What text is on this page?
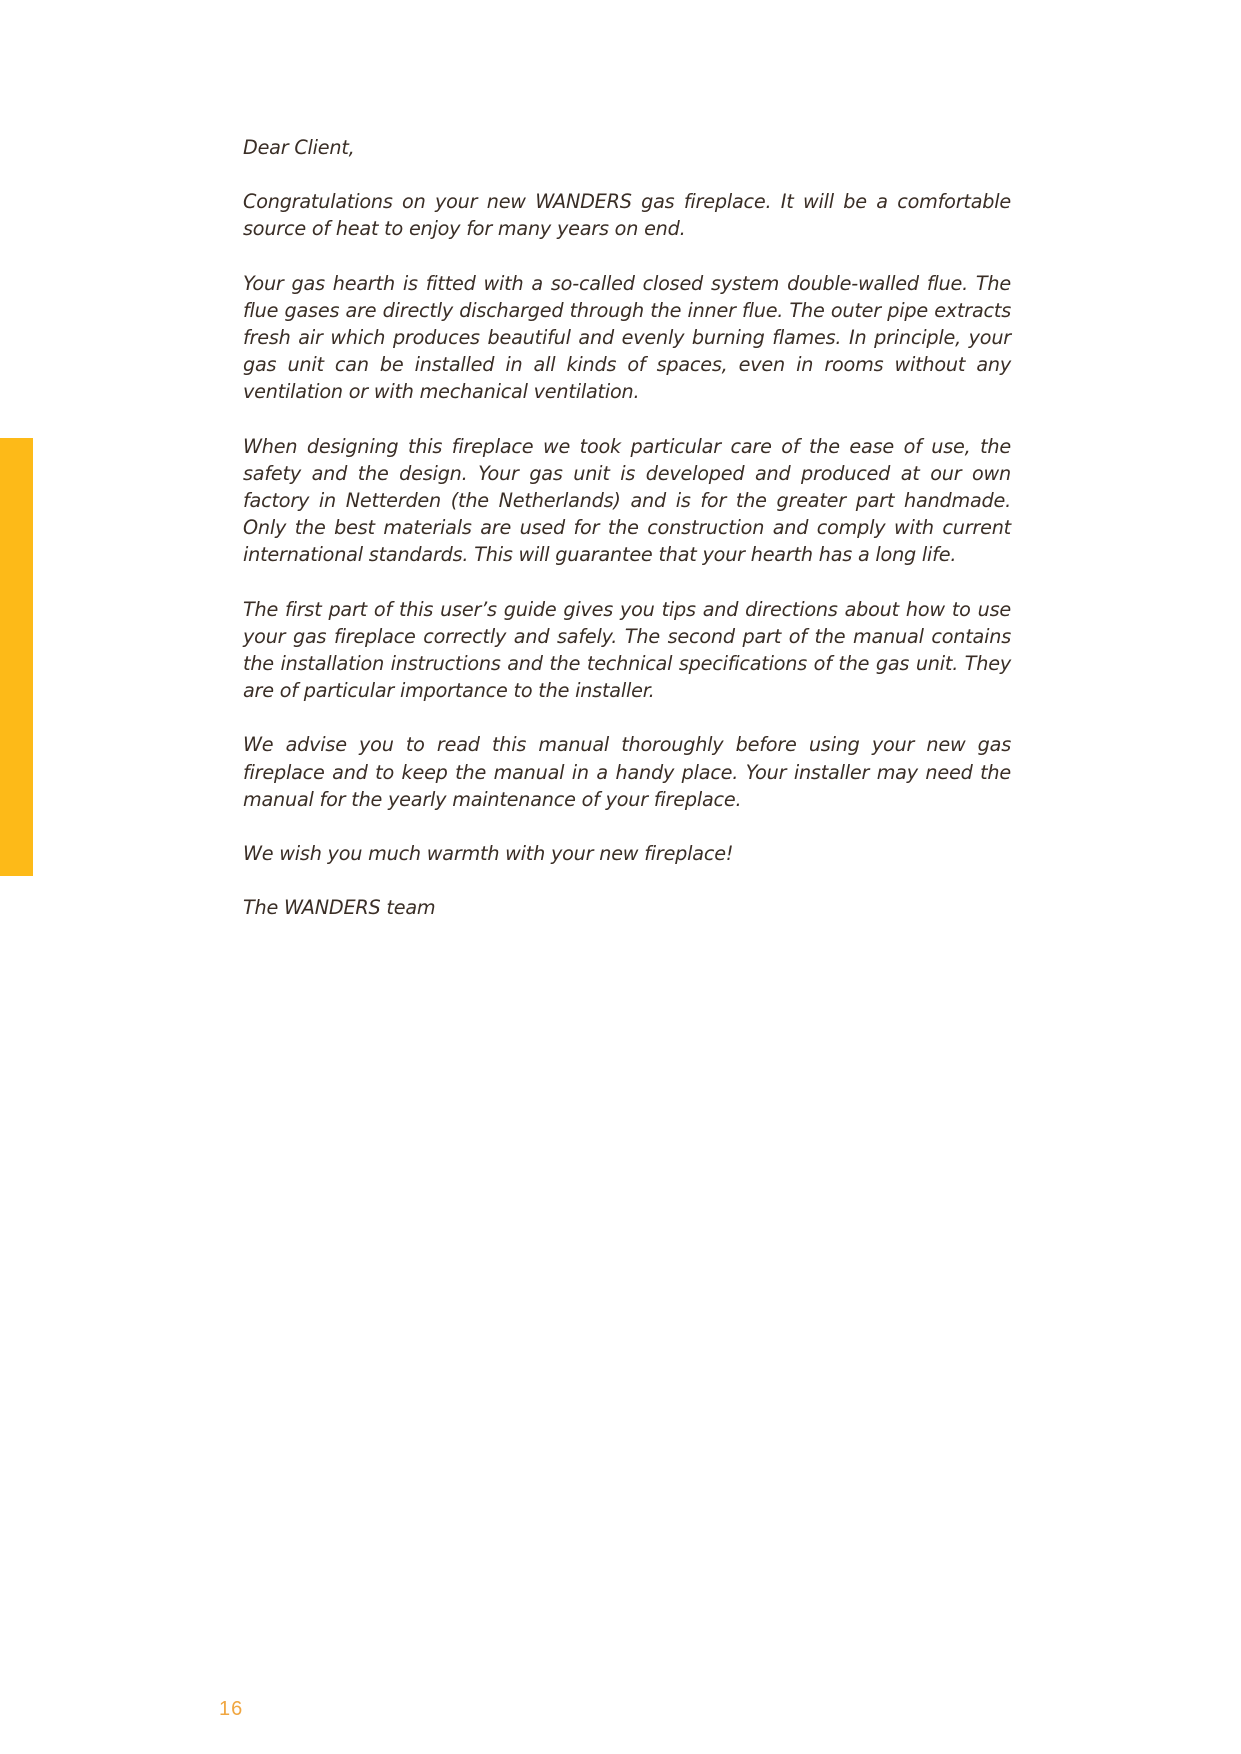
Dear Client,

Congratulations on your new WANDERS gas fireplace. It will be a comfortable source of heat to enjoy for many years on end.

Your gas hearth is fitted with a so-called closed system double-walled flue. The flue gases are directly discharged through the inner flue. The outer pipe extracts fresh air which produces beautiful and evenly burning flames. In principle, your gas unit can be installed in all kinds of spaces, even in rooms without any ventilation or with mechanical ventilation.

When designing this fireplace we took particular care of the ease of use, the safety and the design. Your gas unit is developed and produced at our own factory in Netterden (the Netherlands) and is for the greater part handmade. Only the best materials are used for the construction and comply with current international standards. This will guarantee that your hearth has a long life.

The first part of this user’s guide gives you tips and directions about how to use your gas fireplace correctly and safely. The second part of the manual contains the installation instructions and the technical specifications of the gas unit. They are of particular importance to the installer.

We advise you to read this manual thoroughly before using your new gas fireplace and to keep the manual in a handy place. Your installer may need the manual for the yearly maintenance of your fireplace.

We wish you much warmth with your new fireplace!

The WANDERS team

16
